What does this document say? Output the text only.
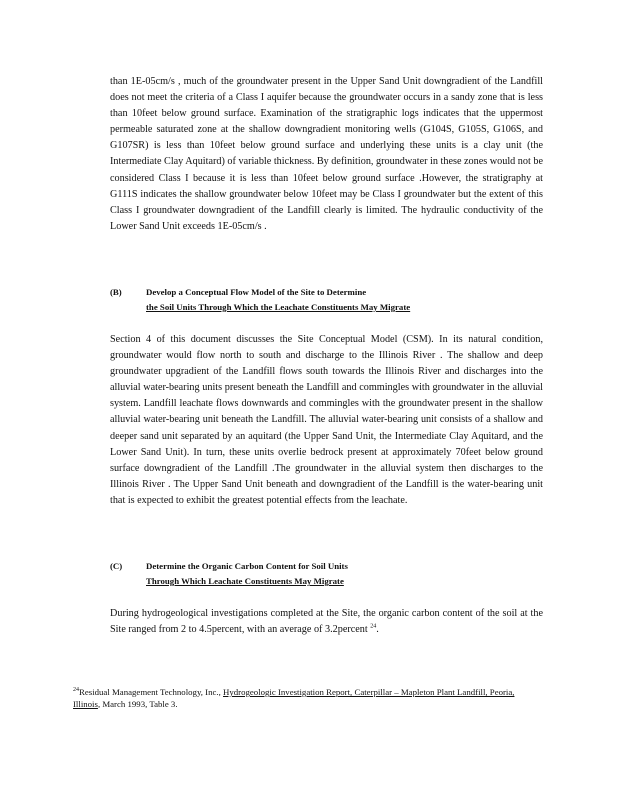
than 1E-05cm/s , much of the groundwater present in the Upper Sand Unit downgradient of the Landfill does not meet the criteria of a Class I aquifer because the groundwater occurs in a sandy zone that is less than 10feet below ground surface. Examination of the stratigraphic logs indicates that the uppermost permeable saturated zone at the shallow downgradient monitoring wells (G104S, G105S, G106S, and G107SR) is less than 10feet below ground surface and underlying these units is a clay unit (the Intermediate Clay Aquitard) of variable thickness. By definition, groundwater in these zones would not be considered Class I because it is less than 10feet below ground surface .However, the stratigraphy at G111S indicates the shallow groundwater below 10feet may be Class I groundwater but the extent of this Class I groundwater downgradient of the Landfill clearly is limited. The hydraulic conductivity of the Lower Sand Unit exceeds 1E-05cm/s .

(B)	Develop a Conceptual Flow Model of the Site to Determine
the Soil Units Through Which the Leachate Constituents May Migrate

Section 4 of this document discusses the Site Conceptual Model (CSM). In its natural condition, groundwater would flow north to south and discharge to the Illinois River . The shallow and deep groundwater upgradient of the Landfill flows south towards the Illinois River and discharges into the alluvial water-bearing units present beneath the Landfill and commingles with groundwater in the alluvial system. Landfill leachate flows downwards and commingles with the groundwater present in the shallow alluvial water-bearing unit beneath the Landfill. The alluvial water-bearing unit consists of a shallow and deeper sand unit separated by an aquitard (the Upper Sand Unit, the Intermediate Clay Aquitard, and the Lower Sand Unit). In turn, these units overlie bedrock present at approximately 70feet below ground surface downgradient of the Landfill .The groundwater in the alluvial system then discharges to the Illinois River . The Upper Sand Unit beneath and downgradient of the Landfill is the water-bearing unit that is expected to exhibit the greatest potential effects from the leachate.

(C)	Determine the Organic Carbon Content for Soil Units
Through Which Leachate Constituents May Migrate

During hydrogeological investigations completed at the Site, the organic carbon content of the soil at the Site ranged from 2 to 4.5percent, with an average of 3.2percent $^{24}$.

$^{24}$Residual Management Technology, Inc., Hydrogeologic Investigation Report, Caterpillar – Mapleton Plant Landfill, Peoria, Illinois, March 1993, Table 3.
